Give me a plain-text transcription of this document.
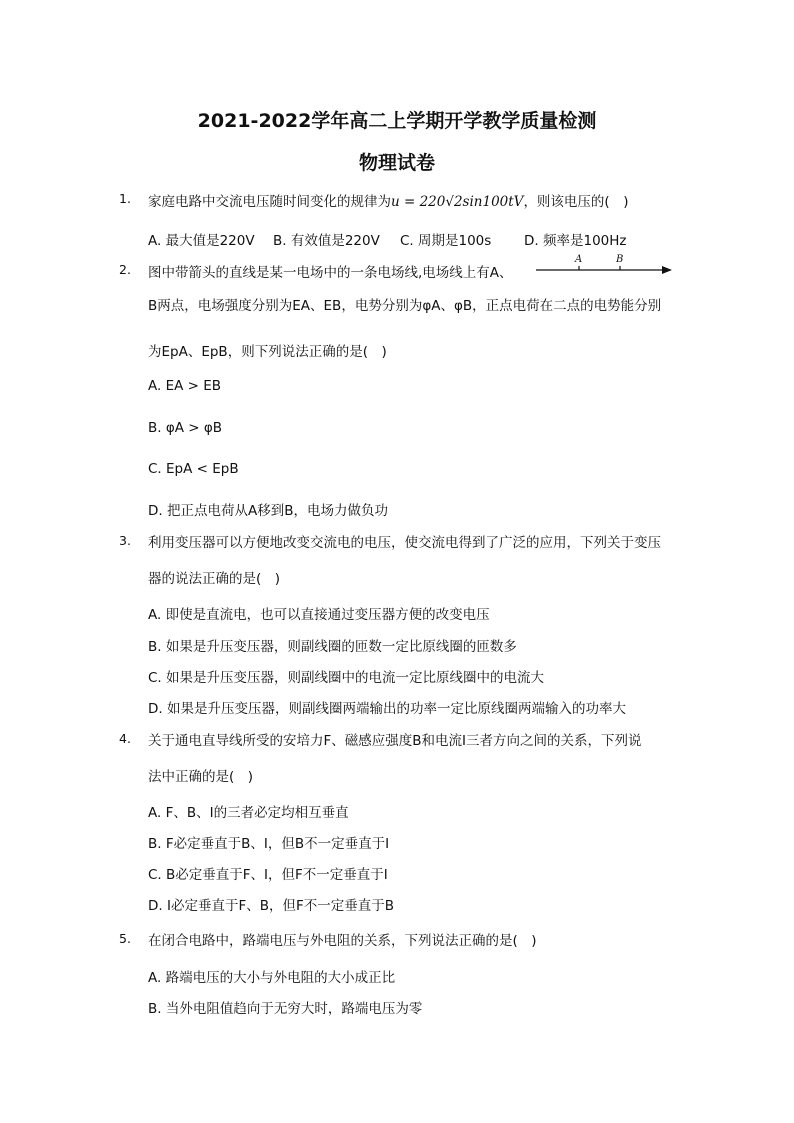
2021-2022学年高二上学期开学教学质量检测
物理试卷
1. 家庭电路中交流电压随时间变化的规律为u = 220√2sin100tV，则该电压的(　)
A. 最大值是220V B. 有效值是220V C. 周期是100s D. 频率是100Hz
2. 图中带箭头的直线是某一电场中的一条电场线,电场线上有A、
A	B
B两点，电场强度分别为EA、EB，电势分别为φA、φB，正点电荷在二点的电势能分别
为EpA、EpB，则下列说法正确的是(　)
A. EA > EB
B. φA > φB
C. EpA < EpB
D. 把正点电荷从A移到B，电场力做负功
3. 利用变压器可以方便地改变交流电的电压，使交流电得到了广泛的应用，下列关于变压
器的说法正确的是(　)
A. 即使是直流电，也可以直接通过变压器方便的改变电压
B. 如果是升压变压器，则副线圈的匝数一定比原线圈的匝数多
C. 如果是升压变压器，则副线圈中的电流一定比原线圈中的电流大
D. 如果是升压变压器，则副线圈两端输出的功率一定比原线圈两端输入的功率大
4. 关于通电直导线所受的安培力F、磁感应强度B和电流I三者方向之间的关系，下列说
法中正确的是(　)
A. F、B、I的三者必定均相互垂直
B. F必定垂直于B、I，但B不一定垂直于I
C. B必定垂直于F、I，但F不一定垂直于I
D. I必定垂直于F、B，但F不一定垂直于B
5. 在闭合电路中，路端电压与外电阻的关系，下列说法正确的是(　)
A. 路端电压的大小与外电阻的大小成正比
B. 当外电阻值趋向于无穷大时，路端电压为零
